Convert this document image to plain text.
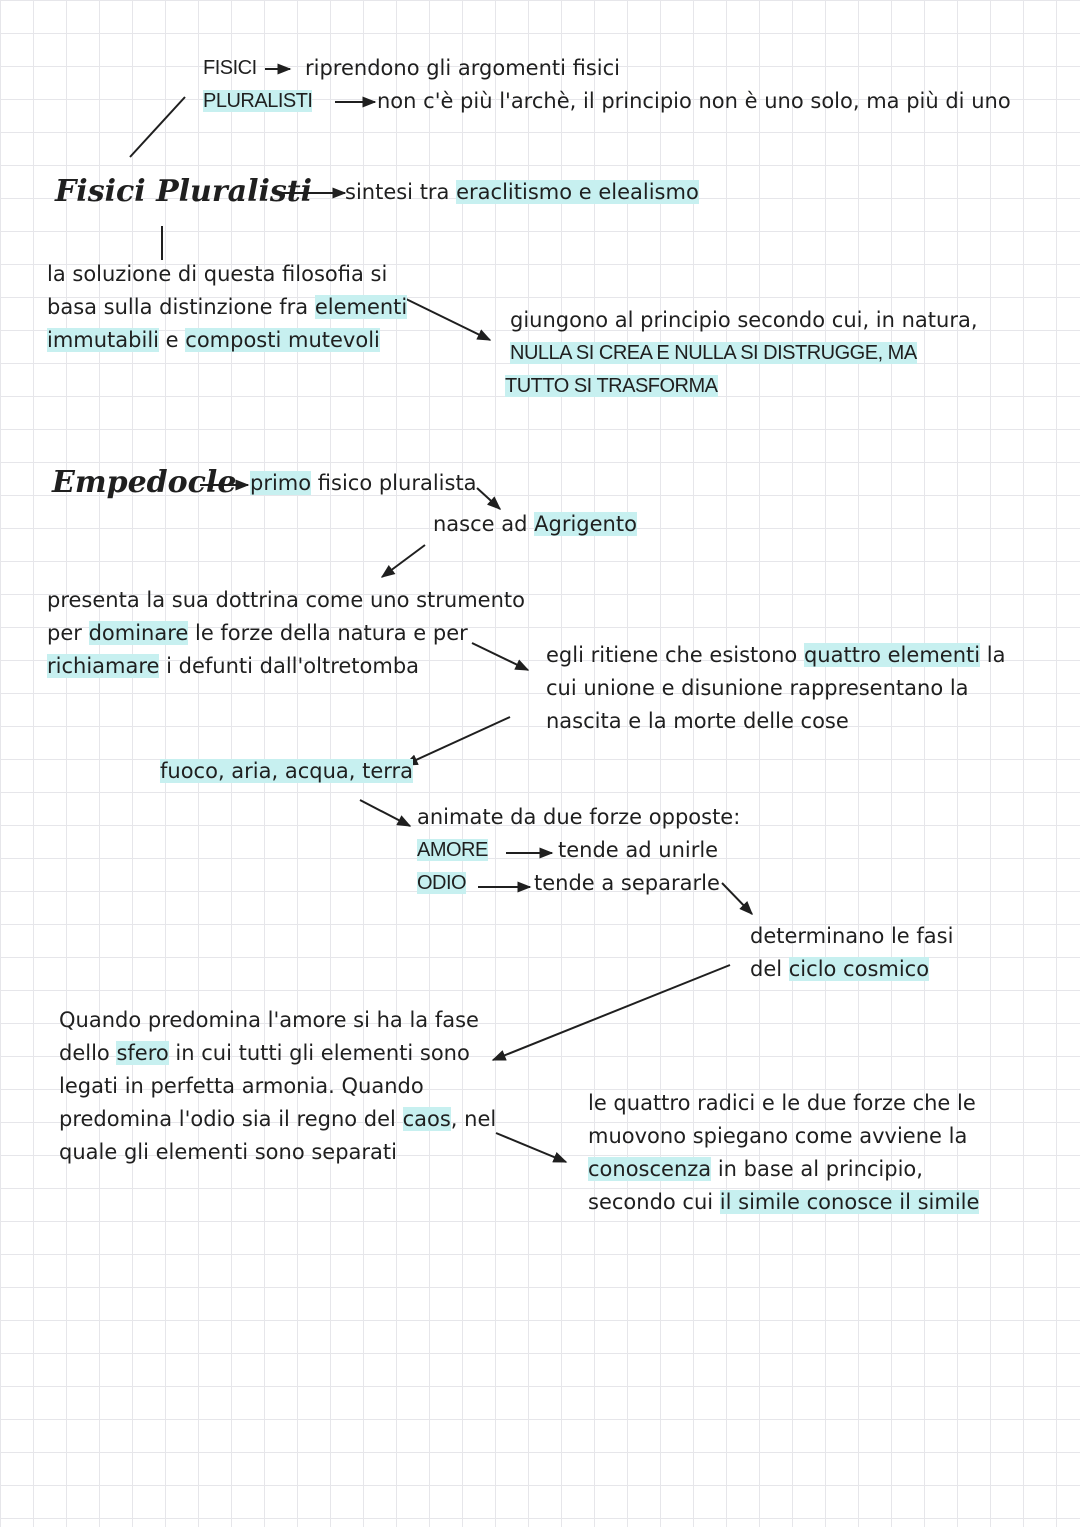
FISICI riprendono gli argomenti fisici
PLURALISTI	non c'è più l'archè, il principio non è uno solo, ma più di uno
Fisici Pluralisti sintesi tra eraclitismo e elealismo
la soluzione di questa filosofia si
basa sulla distinzione fra elementi
immutabili e composti mutevoli
giungono al principio secondo cui, in natura,
NULLA SI CREA E NULLA SI DISTRUGGE, MA
TUTTO SI TRASFORMA
Empedocle primo fisico pluralista
nasce ad Agrigento
presenta la sua dottrina come uno strumento
per dominare le forze della natura e per
richiamare i defunti dall'oltretomba	egli ritiene che esistono quattro elementi la
cui unione e disunione rappresentano la
nascita e la morte delle cose
fuoco, aria, acqua, terra
animate da due forze opposte:
AMORE	tende ad unirle
ODIO	tende a separarle
determinano le fasi
del ciclo cosmico
Quando predomina l'amore si ha la fase
dello sfero in cui tutti gli elementi sono
legati in perfetta armonia. Quando
predomina l'odio sia il regno del caos, nel
quale gli elementi sono separati
le quattro radici e le due forze che le
muovono spiegano come avviene la
conoscenza in base al principio,
secondo cui il simile conosce il simile
